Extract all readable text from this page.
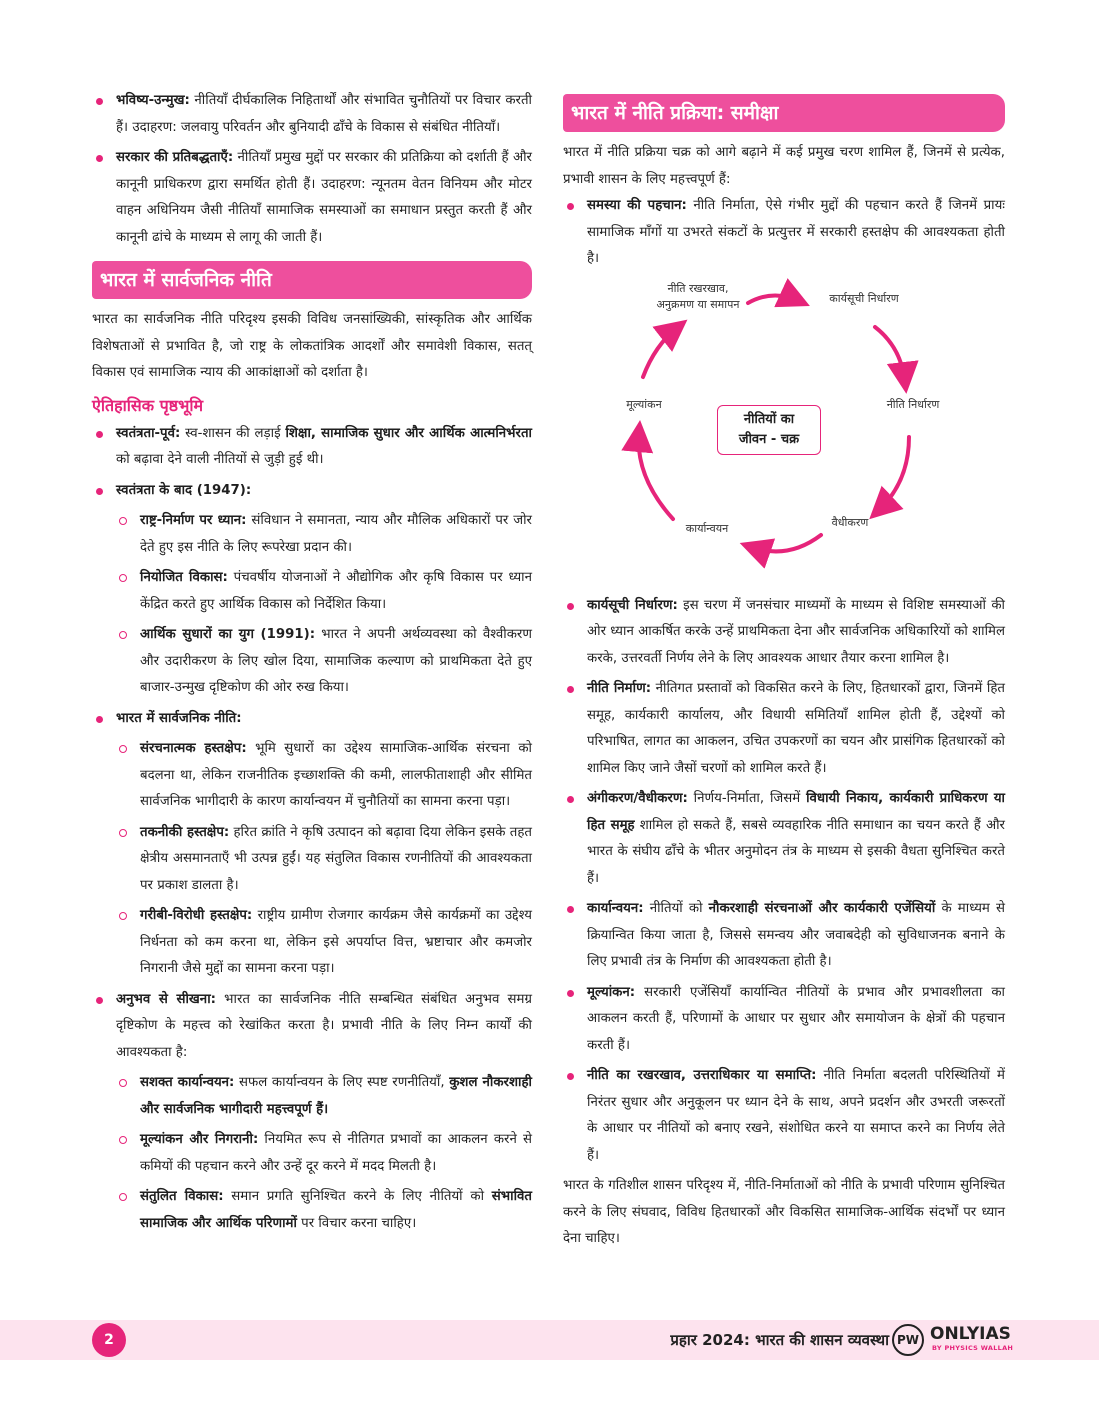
भविष्य-उन्मुख: नीतियाँ दीर्घकालिक निहितार्थों और संभावित चुनौतियों पर विचार करती हैं। उदाहरण: जलवायु परिवर्तन और बुनियादी ढाँचे के विकास से संबंधित नीतियाँ।

सरकार की प्रतिबद्धताएँ: नीतियाँ प्रमुख मुद्दों पर सरकार की प्रतिक्रिया को दर्शाती हैं और कानूनी प्राधिकरण द्वारा समर्थित होती हैं। उदाहरण: न्यूनतम वेतन विनियम और मोटर वाहन अधिनियम जैसी नीतियाँ सामाजिक समस्याओं का समाधान प्रस्तुत करती हैं और कानूनी ढांचे के माध्यम से लागू की जाती हैं।

भारत में सार्वजनिक नीति

भारत का सार्वजनिक नीति परिदृश्य इसकी विविध जनसांख्यिकी, सांस्कृतिक और आर्थिक विशेषताओं से प्रभावित है, जो राष्ट्र के लोकतांत्रिक आदर्शों और समावेशी विकास, सतत् विकास एवं सामाजिक न्याय की आकांक्षाओं को दर्शाता है।

ऐतिहासिक पृष्ठभूमि

स्वतंत्रता-पूर्व: स्व-शासन की लड़ाई शिक्षा, सामाजिक सुधार और आर्थिक आत्मनिर्भरता को बढ़ावा देने वाली नीतियों से जुड़ी हुई थी।

स्वतंत्रता के बाद (1947):

राष्ट्र-निर्माण पर ध्यान: संविधान ने समानता, न्याय और मौलिक अधिकारों पर जोर देते हुए इस नीति के लिए रूपरेखा प्रदान की।

नियोजित विकास: पंचवर्षीय योजनाओं ने औद्योगिक और कृषि विकास पर ध्यान केंद्रित करते हुए आर्थिक विकास को निर्देशित किया।

आर्थिक सुधारों का युग (1991): भारत ने अपनी अर्थव्यवस्था को वैश्वीकरण और उदारीकरण के लिए खोल दिया, सामाजिक कल्याण को प्राथमिकता देते हुए बाजार-उन्मुख दृष्टिकोण की ओर रुख किया।

भारत में सार्वजनिक नीति:

संरचनात्मक हस्तक्षेप: भूमि सुधारों का उद्देश्य सामाजिक-आर्थिक संरचना को बदलना था, लेकिन राजनीतिक इच्छाशक्ति की कमी, लालफीताशाही और सीमित सार्वजनिक भागीदारी के कारण कार्यान्वयन में चुनौतियों का सामना करना पड़ा।

तकनीकी हस्तक्षेप: हरित क्रांति ने कृषि उत्पादन को बढ़ावा दिया लेकिन इसके तहत क्षेत्रीय असमानताएँ भी उत्पन्न हुईं। यह संतुलित विकास रणनीतियों की आवश्यकता पर प्रकाश डालता है।

गरीबी-विरोधी हस्तक्षेप: राष्ट्रीय ग्रामीण रोजगार कार्यक्रम जैसे कार्यक्रमों का उद्देश्य निर्धनता को कम करना था, लेकिन इसे अपर्याप्त वित्त, भ्रष्टाचार और कमजोर निगरानी जैसे मुद्दों का सामना करना पड़ा।

अनुभव से सीखना: भारत का सार्वजनिक नीति सम्बन्धित संबंधित अनुभव समग्र दृष्टिकोण के महत्त्व को रेखांकित करता है। प्रभावी नीति के लिए निम्न कार्यों की आवश्यकता है:

सशक्त कार्यान्वयन: सफल कार्यान्वयन के लिए स्पष्ट रणनीतियाँ, कुशल नौकरशाही और सार्वजनिक भागीदारी महत्त्वपूर्ण हैं।

मूल्यांकन और निगरानी: नियमित रूप से नीतिगत प्रभावों का आकलन करने से कमियों की पहचान करने और उन्हें दूर करने में मदद मिलती है।

संतुलित विकास: समान प्रगति सुनिश्चित करने के लिए नीतियों को संभावित सामाजिक और आर्थिक परिणामों पर विचार करना चाहिए।

भारत में नीति प्रक्रिया: समीक्षा

भारत में नीति प्रक्रिया चक्र को आगे बढ़ाने में कई प्रमुख चरण शामिल हैं, जिनमें से प्रत्येक, प्रभावी शासन के लिए महत्त्वपूर्ण हैं:

समस्या की पहचान: नीति निर्माता, ऐसे गंभीर मुद्दों की पहचान करते हैं जिनमें प्रायः सामाजिक माँगों या उभरते संकटों के प्रत्युत्तर में सरकारी हस्तक्षेप की आवश्यकता होती है।

नीति रखरखाव,
अनुक्रमण या समापन	कार्यसूची निर्धारण
नीति निर्धारण
वैधीकरण
कार्यान्वयन
मूल्यांकन
नीतियों का
जीवन - चक्र

कार्यसूची निर्धारण: इस चरण में जनसंचार माध्यमों के माध्यम से विशिष्ट समस्याओं की ओर ध्यान आकर्षित करके उन्हें प्राथमिकता देना और सार्वजनिक अधिकारियों को शामिल करके, उत्तरवर्ती निर्णय लेने के लिए आवश्यक आधार तैयार करना शामिल है।

नीति निर्माण: नीतिगत प्रस्तावों को विकसित करने के लिए, हितधारकों द्वारा, जिनमें हित समूह, कार्यकारी कार्यालय, और विधायी समितियाँ शामिल होती हैं, उद्देश्यों को परिभाषित, लागत का आकलन, उचित उपकरणों का चयन और प्रासंगिक हितधारकों को शामिल किए जाने जैसों चरणों को शामिल करते हैं।

अंगीकरण/वैधीकरण: निर्णय-निर्माता, जिसमें विधायी निकाय, कार्यकारी प्राधिकरण या हित समूह शामिल हो सकते हैं, सबसे व्यवहारिक नीति समाधान का चयन करते हैं और भारत के संघीय ढाँचे के भीतर अनुमोदन तंत्र के माध्यम से इसकी वैधता सुनिश्चित करते हैं।

कार्यान्वयन: नीतियों को नौकरशाही संरचनाओं और कार्यकारी एजेंसियों के माध्यम से क्रियान्वित किया जाता है, जिससे समन्वय और जवाबदेही को सुविधाजनक बनाने के लिए प्रभावी तंत्र के निर्माण की आवश्यकता होती है।

मूल्यांकन: सरकारी एजेंसियाँ कार्यान्वित नीतियों के प्रभाव और प्रभावशीलता का आकलन करती हैं, परिणामों के आधार पर सुधार और समायोजन के क्षेत्रों की पहचान करती हैं।

नीति का रखरखाव, उत्तराधिकार या समाप्ति: नीति निर्माता बदलती परिस्थितियों में निरंतर सुधार और अनुकूलन पर ध्यान देने के साथ, अपने प्रदर्शन और उभरती जरूरतों के आधार पर नीतियों को बनाए रखने, संशोधित करने या समाप्त करने का निर्णय लेते हैं।

भारत के गतिशील शासन परिदृश्य में, नीति-निर्माताओं को नीति के प्रभावी परिणाम सुनिश्चित करने के लिए संघवाद, विविध हितधारकों और विकसित सामाजिक-आर्थिक संदर्भों पर ध्यान देना चाहिए।

2	प्रहार 2024: भारत की शासन व्यवस्था PW ONLYIAS
BY PHYSICS WALLAH
